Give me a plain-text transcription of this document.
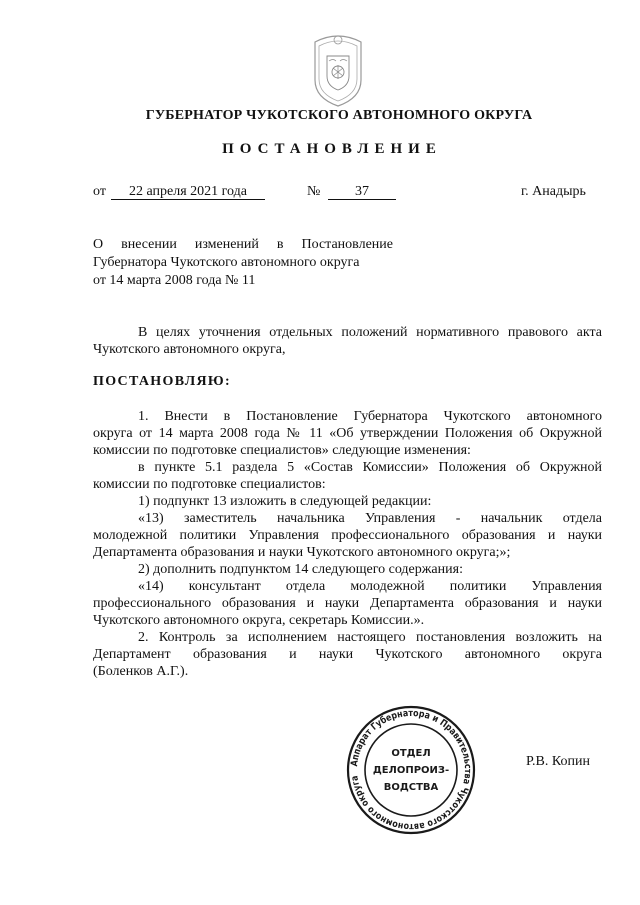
ГУБЕРНАТОР ЧУКОТСКОГО АВТОНОМНОГО ОКРУГА
ПОСТАНОВЛЕНИЕ
от	22 апреля 2021 года	№	37	г. Анадырь
О внесении изменений в Постановление
Губернатора Чукотского автономного округа
от 14 марта 2008 года № 11
В целях уточнения отдельных положений нормативного правового акта
Чукотского автономного округа,
ПОСТАНОВЛЯЮ:
1. Внести в Постановление Губернатора Чукотского автономного
округа от 14 марта 2008 года № 11 «Об утверждении Положения об Окружной
комиссии по подготовке специалистов» следующие изменения:
в пункте 5.1 раздела 5 «Состав Комиссии» Положения об Окружной
комиссии по подготовке специалистов:
1) подпункт 13 изложить в следующей редакции:
«13) заместитель начальника Управления - начальник отдела
молодежной политики Управления профессионального образования и науки
Департамента образования и науки Чукотского автономного округа;»;
2) дополнить подпунктом 14 следующего содержания:
«14) консультант отдела молодежной политики Управления
профессионального образования и науки Департамента образования и науки
Чукотского автономного округа, секретарь Комиссии.».
2. Контроль за исполнением настоящего постановления возложить на
Департамент образования и науки Чукотского автономного округа
(Боленков А.Г.).
Аппарат Губернатора и Правительства Чукотского автономного округа
ОТДЕЛ
ДЕЛОПРОИЗ-
ВОДСТВА
Р.В. Копин
